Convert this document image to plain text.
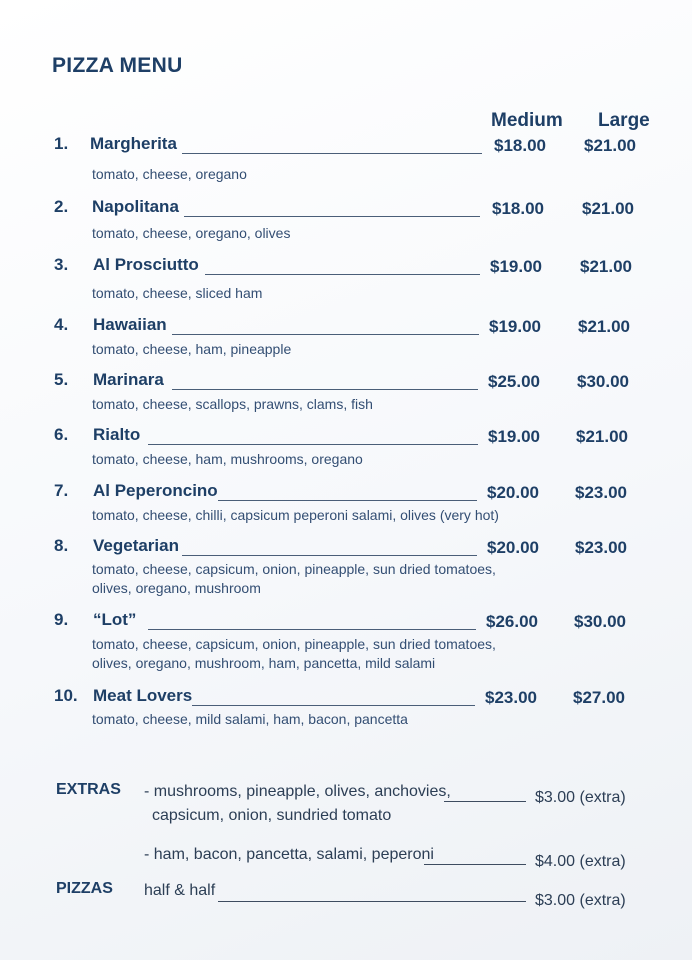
PIZZA MENU
Medium Large
1. Margherita
tomato, cheese, oregano
$18.00 $21.00
2. Napolitana
tomato, cheese, oregano, olives
$18.00 $21.00
3. Al Prosciutto
tomato, cheese, sliced ham
$19.00 $21.00
4. Hawaiian
tomato, cheese, ham, pineapple
$19.00 $21.00
5. Marinara
tomato, cheese, scallops, prawns, clams, fish
$25.00 $30.00
6. Rialto
tomato, cheese, ham, mushrooms, oregano
$19.00 $21.00
7. Al Peperoncino
tomato, cheese, chilli, capsicum peperoni salami, olives (very hot)
$20.00 $23.00
8. Vegetarian
tomato, cheese, capsicum, onion, pineapple, sun dried tomatoes,
olives, oregano, mushroom
$20.00 $23.00
9. “Lot”
tomato, cheese, capsicum, onion, pineapple, sun dried tomatoes,
olives, oregano, mushroom, ham, pancetta, mild salami
$26.00 $30.00
10. Meat Lovers
tomato, cheese, mild salami, ham, bacon, pancetta
$23.00 $27.00
EXTRAS - mushrooms, pineapple, olives, anchovies,	$3.00 (extra)
capsicum, onion, sundried tomato
- ham, bacon, pancetta, salami, peperoni	$4.00 (extra)
PIZZAS half & half
$3.00 (extra)
